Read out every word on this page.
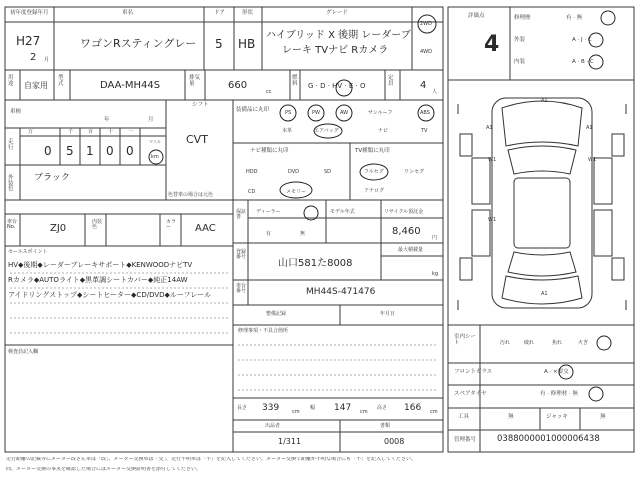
初年度登録年月
H27
2 月
車名
ワゴンRスティングレー
ドア
5
形状
HB
グレード
ハイブリッド X 後期 レーダーブ
レーキ TVナビ Rカメラ
2WD
4WD
用途	自家用
型式	DAA-MH44S
排気量	660
cc
燃料	G · D · HV · E · O
定員	4
人
評価点
4
修理歴	有 · 無
外装	A · J · C
内装	A · B · C
車検
年	月
シフト
CVT
走行
万	千	百	十	一
0 5 1 0 0	km
マイル
外装色
ブラック
色替車の場合は元色
装備品に丸印	PS	PW	AW	サンルーフ	ABS
本革	エアバッグ	ナビ	TV
ナビ種類に丸印
HDD	DVD	SD
CD	メモリー
TV種類に丸印
フルセグ	ワンセグ
アナログ
車台No.	ZJ0
内装色
カラー	AAC
セールスポイント
HV◆後期◆レーダーブレーキサポート◆KENWOODナビTV
Rカメラ◆AUTOライト◆黒革調シートカバー◆純正14AW
アイドリングストップ◆シートヒーター◆CD/DVD◆ルーフレール
検査員記入欄
保証書
ディーラー
有	無
モデル年式	リサイクル預託金
8,460
円
登録番号
山口581た8008
最大積載量
kg
車台番号	MH44S-471476
整備記録	年月日
修理事項・不具合箇所
長さ 339	cm
幅 147 cm
高さ 166 cm
出品者	書類
1/311	0008
A1
A1
W1
W1
W1
A1
A1
室内シート	汚れ	破れ	焦れ	火ぎ
フロントガラス	A · ×要交
スペアタイヤ	有 · 修理材 · 無
工具	無	ジャッキ	無
管理番号 0388000001000006438
走行距離の記載等にメーター改ざん車は「改」、メーター交換車は「交」、走行不明車は「不」を記入してください。メーター交換で距離が不明な場合にも「不」を記入してください。
尚、メーター交換の事実を確認した場合にはメーター交換証明書を添付してください。
